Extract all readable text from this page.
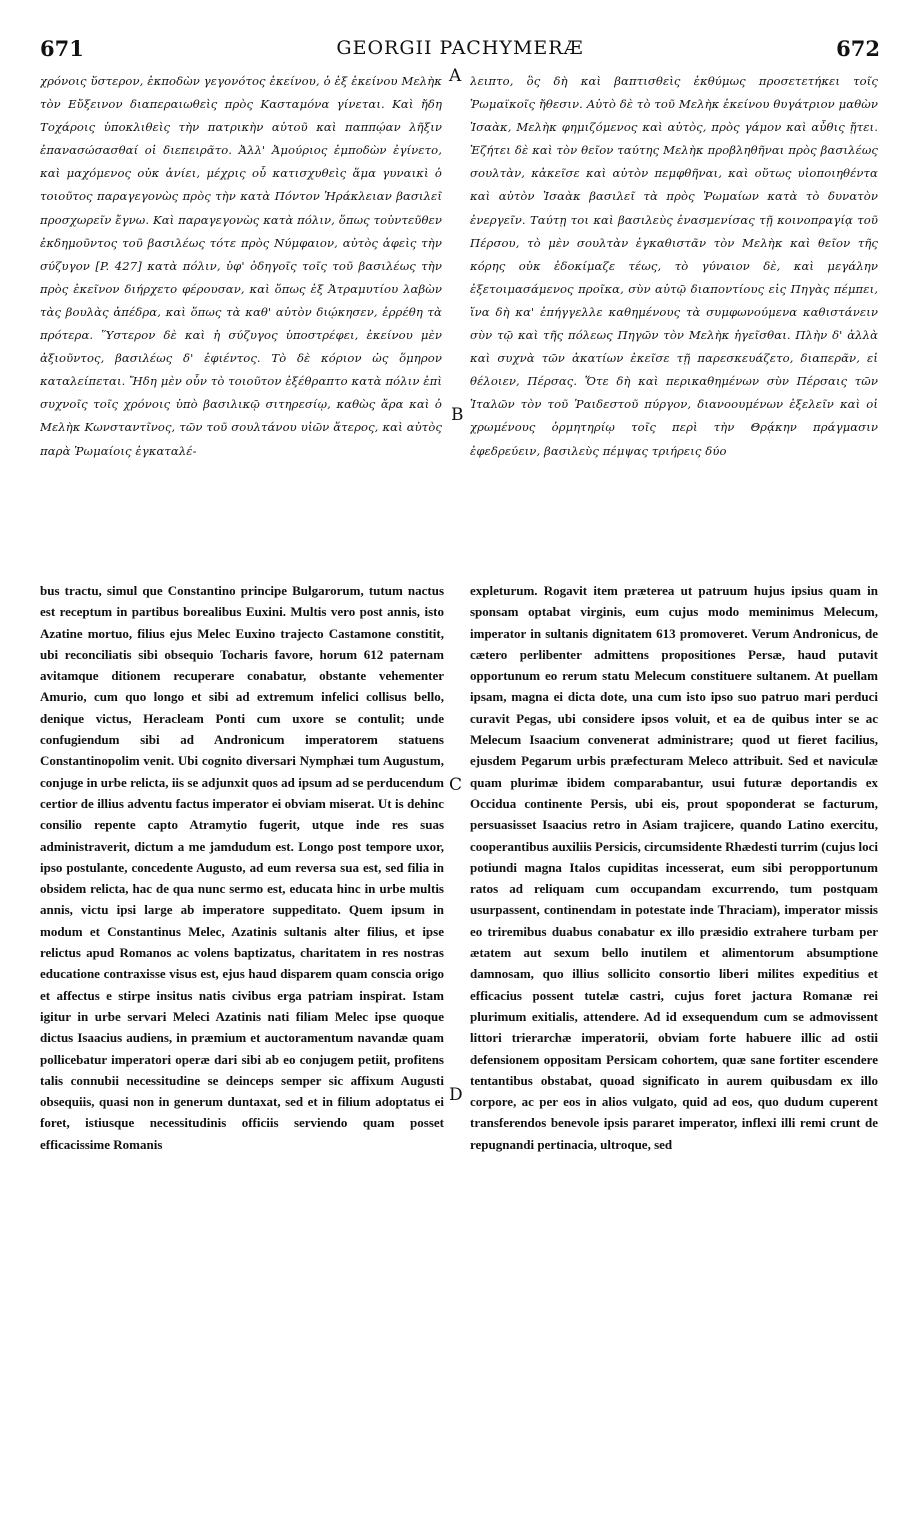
671	GEORGII PACHYMERÆ	672
χρόνοις ὕστερον, ἐκποδὼν γεγονότος ἐκείνου, ὁ ἐξ ἐκείνου Μελὴκ τὸν Εὔξεινον διαπεραιωθεὶς πρὸς Κασταμόνα γίνεται. Καὶ ἤδη Τοχάροις ὑποκλιθεὶς τὴν πατρικὴν αὐτοῦ καὶ παππῴαν λῆξιν ἐπανασώσασθαί οἱ διεπειρᾶτο. Ἀλλ' Ἀμούριος ἐμποδὼν ἐγίνετο, καὶ μαχόμενος οὐκ ἀνίει, μέχρις οὗ κατισχυθεὶς ἅμα γυναικὶ ὁ τοιοῦτος παραγεγονὼς πρὸς τὴν κατὰ Πόντον Ἡράκλειαν βασιλεῖ προσχωρεῖν ἔγνω. Καὶ παραγεγονὼς κατὰ πόλιν, ὅπως τοὐντεῦθεν ἐκδημοῦντος τοῦ βασιλέως τότε πρὸς Νύμφαιον, αὐτὸς ἀφεὶς τὴν σύζυγον [P. 427] κατὰ πόλιν, ὑφ' ὁδηγοῖς τοῖς τοῦ βασιλέως τὴν πρὸς ἐκεῖνον διήρχετο φέρουσαν, καὶ ὅπως ἐξ Ἀτραμυτίου λαβὼν τὰς βουλὰς ἀπέδρα, καὶ ὅπως τὰ καθ' αὐτὸν διῴκησεν, ἐρρέθη τὰ πρότερα. Ὕστερον δὲ καὶ ἡ σύζυγος ὑποστρέφει, ἐκείνου μὲν ἀξιοῦντος, βασιλέως δ' ἐφιέντος. Τὸ δὲ κόριον ὡς ὅμηρον καταλείπεται. Ἤδη μὲν οὖν τὸ τοιοῦτον ἐξέθραπτο κατὰ πόλιν ἐπὶ συχνοῖς τοῖς χρόνοις ὑπὸ βασιλικῷ σιτηρεσίῳ, καθὼς ἄρα καὶ ὁ Μελὴκ Κωνσταντῖνος, τῶν τοῦ σουλτάνου υἱῶν ἅτερος, καὶ αὐτὸς παρὰ Ῥωμαίοις ἐγκαταλέ-
λειπτο, ὃς δὴ καὶ βαπτισθεὶς ἐκθύμως προσετετήκει τοῖς Ῥωμαϊκοῖς ἤθεσιν. Αὐτὸ δὲ τὸ τοῦ Μελὴκ ἐκείνου θυγάτριον μαθὼν Ἰσαὰκ, Μελὴκ φημιζόμενος καὶ αὐτὸς, πρὸς γάμον καὶ αὖθις ᾔτει. Ἐζήτει δὲ καὶ τὸν θεῖον ταύτης Μελὴκ προβληθῆναι πρὸς βασιλέως σουλτὰν, κἀκεῖσε καὶ αὐτὸν πεμφθῆναι, καὶ οὕτως υἱοποιηθέντα καὶ αὐτὸν Ἰσαὰκ βασιλεῖ τὰ πρὸς Ῥωμαίων κατὰ τὸ δυνατὸν ἐνεργεῖν. Ταύτῃ τοι καὶ βασιλεὺς ἐνασμενίσας τῇ κοινοπραγίᾳ τοῦ Πέρσου, τὸ μὲν σουλτὰν ἐγκαθιστᾶν τὸν Μελὴκ καὶ θεῖον τῆς κόρης οὐκ ἐδοκίμαζε τέως, τὸ γύναιον δὲ, καὶ μεγάλην ἐξετοιμασάμενος προῖκα, σὺν αὐτῷ διαποντίους εἰς Πηγὰς πέμπει, ἵνα δὴ κα' ἐπήγγελλε καθημένους τὰ συμφωνούμενα καθιστάνειν σὺν τῷ καὶ τῆς πόλεως Πηγῶν τὸν Μελὴκ ἡγεῖσθαι. Πλὴν δ' ἀλλὰ καὶ συχνὰ τῶν ἀκατίων ἐκεῖσε τῇ παρεσκευάζετο, διαπερᾶν, εἰ θέλοιεν, Πέρσας. Ὅτε δὴ καὶ περικαθημένων σὺν Πέρσαις τῶν Ἰταλῶν τὸν τοῦ Ῥαιδεστοῦ πύργον, διανοουμένων ἐξελεῖν καὶ οἱ χρωμένους ὁρμητηρίῳ τοῖς περὶ τὴν Θρᾴκην πράγμασιν ἐφεδρεύειν, βασιλεὺς πέμψας τριήρεις δύο
bus tractu, simul que Constantino principe Bulgarorum, tutum nactus est receptum in partibus borealibus Euxini. Multis vero post annis, isto Azatine mortuo, filius ejus Melec Euxino trajecto Castamone constitit, ubi reconciliatis sibi obsequio Tocharis favore, horum 612 paternam avitamque ditionem recuperare conabatur, obstante vehementer Amurio, cum quo longo et sibi ad extremum infelici collisus bello, denique victus, Heracleam Ponti cum uxore se contulit; unde confugiendum sibi ad Andronicum imperatorem statuens Constantinopolim venit. Ubi cognito diversari Nymphæi tum Augustum, conjuge in urbe relicta, iis se adjunxit quos ad ipsum ad se perducendum certior de illius adventu factus imperator ei obviam miserat. Ut is dehinc consilio repente capto Atramytio fugerit, utque inde res suas administraverit, dictum a me jamdudum est. Longo post tempore uxor, ipso postulante, concedente Augusto, ad eum reversa sua est, sed filia in obsidem relicta, hac de qua nunc sermo est, educata hinc in urbe multis annis, victu ipsi large ab imperatore suppeditato. Quem ipsum in modum et Constantinus Melec, Azatinis sultanis alter filius, et ipse relictus apud Romanos ac volens baptizatus, charitatem in res nostras educatione contraxisse visus est, ejus haud disparem quam conscia origo et affectus e stirpe insitus natis civibus erga patriam inspirat. Istam igitur in urbe servari Meleci Azatinis nati filiam Melec ipse quoque dictus Isaacius audiens, in præmium et auctoramentum navandæ quam pollicebatur imperatori operæ dari sibi ab eo conjugem petiit, profitens talis connubii necessitudine se deinceps semper sic affixum Augusti obsequiis, quasi non in generum duntaxat, sed et in filium adoptatus ei foret, istiusque necessitudinis officiis serviendo quam posset efficacissime Romanis
expleturum. Rogavit item præterea ut patruum hujus ipsius quam in sponsam optabat virginis, eum cujus modo meminimus Melecum, imperator in sultanis dignitatem 613 promoveret. Verum Andronicus, de cætero perlibenter admittens propositiones Persæ, haud putavit opportunum eo rerum statu Melecum constituere sultanem. At puellam ipsam, magna ei dicta dote, una cum isto ipso suo patruo mari perduci curavit Pegas, ubi considere ipsos voluit, et ea de quibus inter se ac Melecum Isaacium convenerat administrare; quod ut fieret facilius, ejusdem Pegarum urbis præfecturam Meleco attribuit. Sed et naviculæ quam plurimæ ibidem comparabantur, usui futuræ deportandis ex Occidua continente Persis, ubi eis, prout spoponderat se facturum, persuasisset Isaacius retro in Asiam trajicere, quando Latino exercitu, cooperantibus auxiliis Persicis, circumsidente Rhædesti turrim (cujus loci potiundi magna Italos cupiditas incesserat, eum sibi peropportunum ratos ad reliquam cum occupandam excurrendo, tum postquam usurpassent, continendam in potestate inde Thraciam), imperator missis eo triremibus duabus conabatur ex illo præsidio extrahere turbam per ætatem aut sexum bello inutilem et alimentorum absumptione damnosam, quo illius sollicito consortio liberi milites expeditius et efficacius possent tutelæ castri, cujus foret jactura Romanæ rei plurimum exitialis, attendere. Ad id exsequendum cum se admovissent littori trierarchæ imperatorii, obviam forte habuere illic ad ostii defensionem oppositam Persicam cohortem, quæ sane fortiter escendere tentantibus obstabat, quoad significato in aurem quibusdam ex illo corpore, ac per eos in alios vulgato, quid ad eos, quo dudum cuperent transferendos benevole ipsis pararet imperator, inflexi illi remi crunt de repugnandi pertinacia, ultroque, sed
A
B
C
D
